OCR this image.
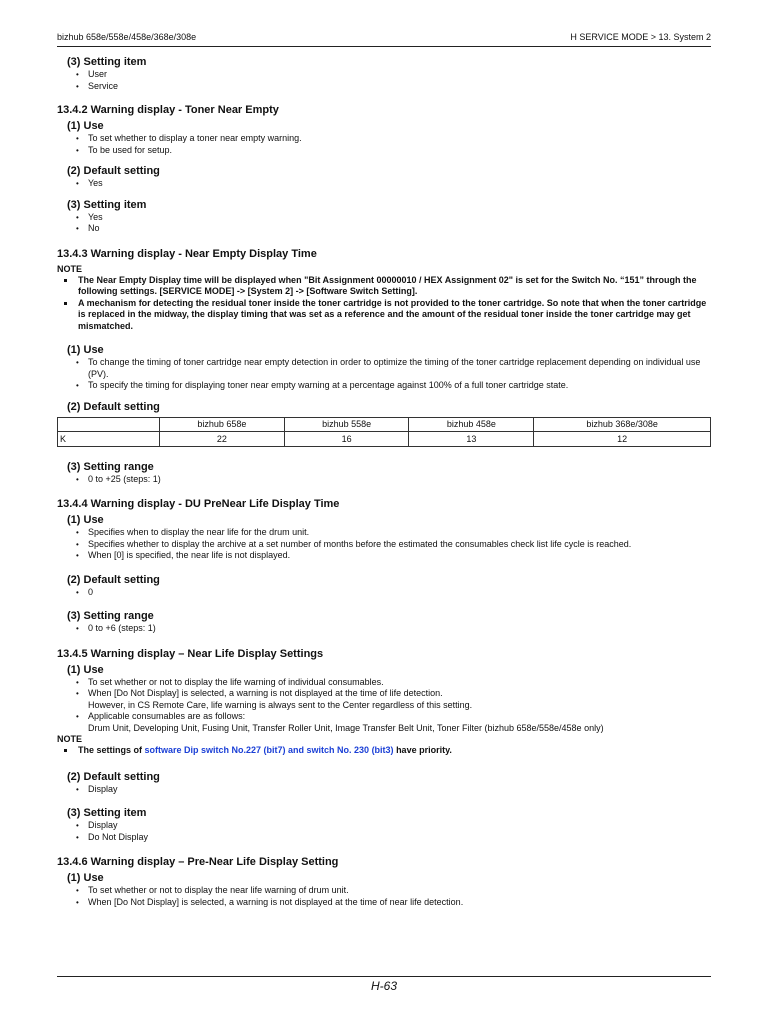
bizhub 658e/558e/458e/368e/308e	H SERVICE MODE > 13. System 2
(3) Setting item
• User
• Service
13.4.2 Warning display - Toner Near Empty
(1) Use
• To set whether to display a toner near empty warning.
• To be used for setup.
(2) Default setting
• Yes
(3) Setting item
• Yes
• No
13.4.3 Warning display - Near Empty Display Time
NOTE
The Near Empty Display time will be displayed when "Bit Assignment 00000010 / HEX Assignment 02" is set for the Switch No. “151” through the following settings. [SERVICE MODE] -> [System 2] -> [Software Switch Setting].
A mechanism for detecting the residual toner inside the toner cartridge is not provided to the toner cartridge. So note that when the toner cartridge is replaced in the midway, the display timing that was set as a reference and the amount of the residual toner inside the toner cartridge may get mismatched.
(1) Use
• To change the timing of toner cartridge near empty detection in order to optimize the timing of the toner cartridge replacement depending on individual use (PV).
• To specify the timing for displaying toner near empty warning at a percentage against 100% of a full toner cartridge state.
(2) Default setting
	bizhub 658e	bizhub 558e	bizhub 458e	bizhub 368e/308e
K	22	16	13	12
(3) Setting range
• 0 to +25 (steps: 1)
13.4.4 Warning display - DU PreNear Life Display Time
(1) Use
• Specifies when to display the near life for the drum unit.
• Specifies whether to display the archive at a set number of months before the estimated the consumables check list life cycle is reached.
• When [0] is specified, the near life is not displayed.
(2) Default setting
• 0
(3) Setting range
• 0 to +6 (steps: 1)
13.4.5 Warning display – Near Life Display Settings
(1) Use
• To set whether or not to display the life warning of individual consumables.
• When [Do Not Display] is selected, a warning is not displayed at the time of life detection.
However, in CS Remote Care, life warning is always sent to the Center regardless of this setting.
• Applicable consumables are as follows:
Drum Unit, Developing Unit, Fusing Unit, Transfer Roller Unit, Image Transfer Belt Unit, Toner Filter (bizhub 658e/558e/458e only)
NOTE
The settings of software Dip switch No.227 (bit7) and switch No. 230 (bit3) have priority.
(2) Default setting
• Display
(3) Setting item
• Display
• Do Not Display
13.4.6 Warning display – Pre-Near Life Display Setting
(1) Use
• To set whether or not to display the near life warning of drum unit.
• When [Do Not Display] is selected, a warning is not displayed at the time of near life detection.
H-63
